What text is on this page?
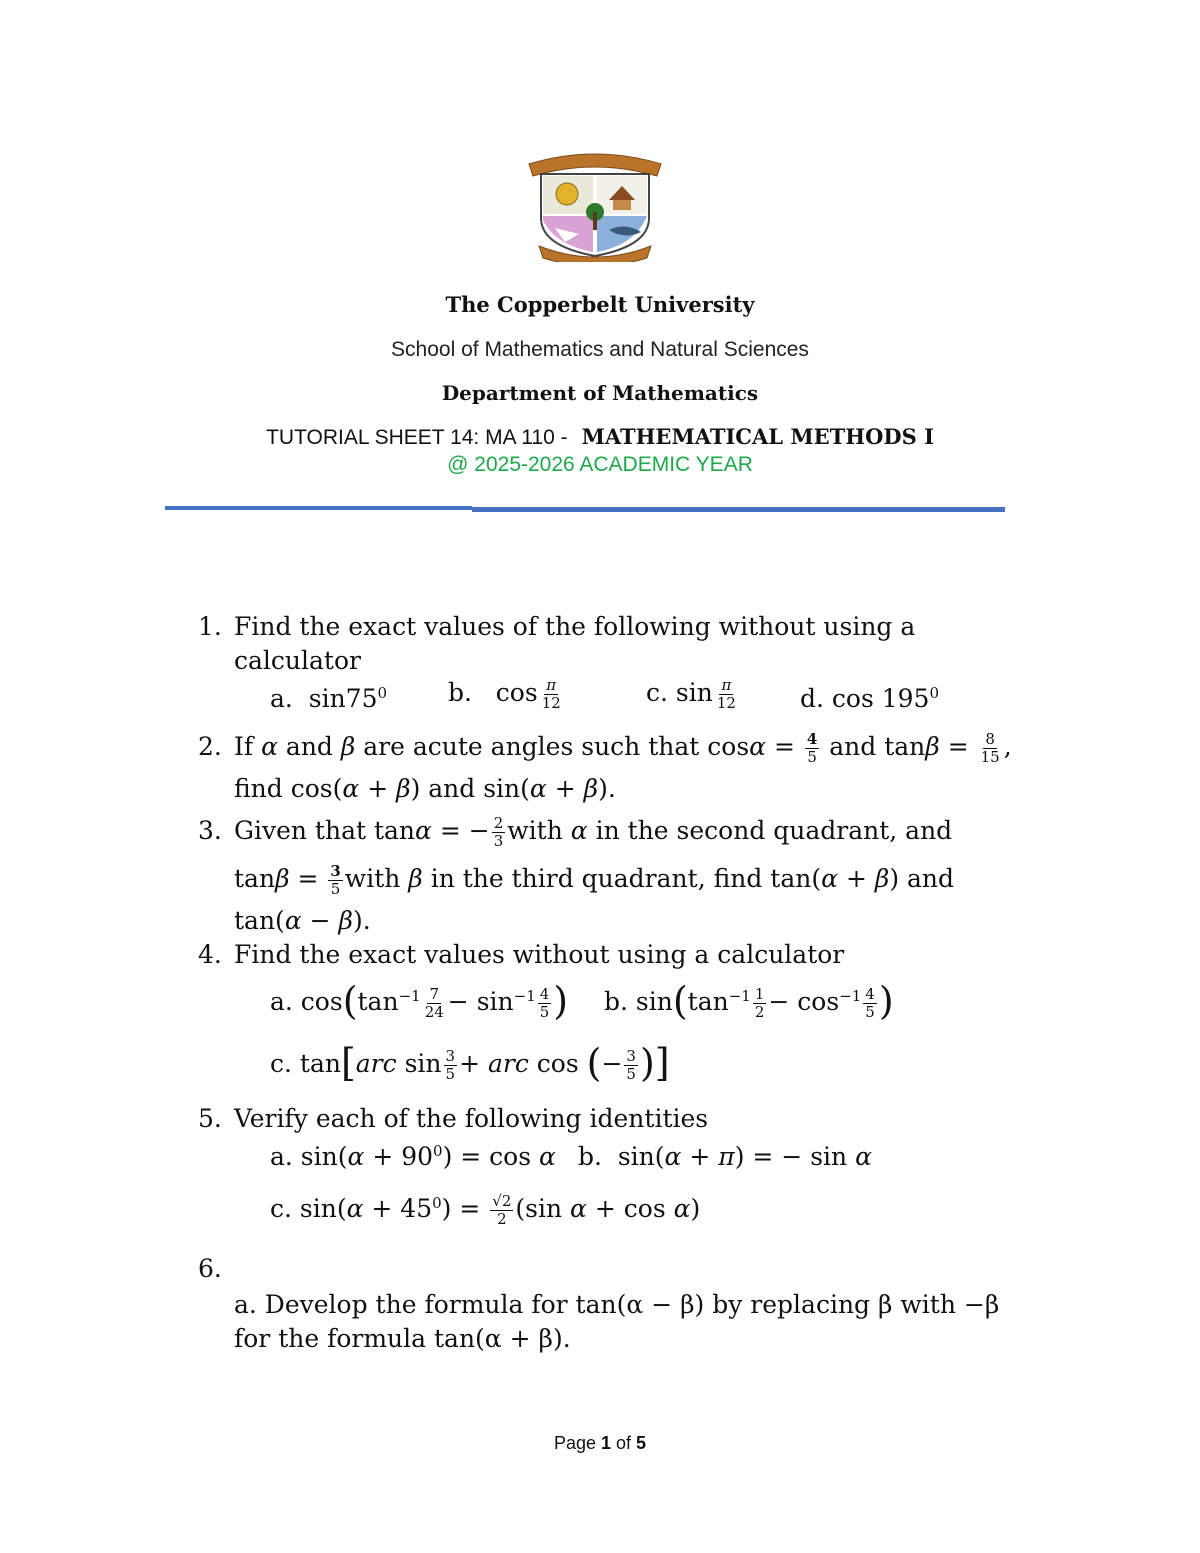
The Copperbelt University
School of Mathematics and Natural Sciences
Department of Mathematics
TUTORIAL SHEET 14: MA 110 - MATHEMATICAL METHODS I
@ 2025-2026 ACADEMIC YEAR
1. Find the exact values of the following without using a
calculator
a.  $\sin 75^0$ b.   $\cos \frac{\pi}{12}$	c. $\sin \frac{\pi}{12} d$. $\cos 195^0$
2. If α and β are acute angles such that $\cos\alpha = \frac{4}{5}$ and $\tan\beta = \frac{8}{15}$ ,
find cos(α + β) and sin(α + β).
3. Given that tanα = − $\frac{2}{3}$ with α in the second quadrant, and
$\tan\beta = \frac{3}{5}$ with β in the third quadrant, find tan(α + β) and
tan(α − β).
4. Find the exact values without using a calculator
a. $\cos(\tan^{-1} \frac{7}{24} - \sin^{-1} \frac{4}{5}$ ) b. $\sin(\tan^{-1} \frac{1}{2} - \cos^{-1} \frac{4}{5}$ )
c. tan[arc $\sin \frac{3}{5}$ + arc cos (− $\frac{3}{5}$ )]
5. Verify each of the following identities
a. $\sin(\alpha + 90^0) = \cos \alpha$ b.  sin(α + π) = − sin α
c. $\sin(\alpha + 45^0) = \frac{√2}{2} (\sin$ α + cos α)
6.
a. Develop the formula for tan(α − β) by replacing β with −β
for the formula tan(α + β).
Page 1 of 5
